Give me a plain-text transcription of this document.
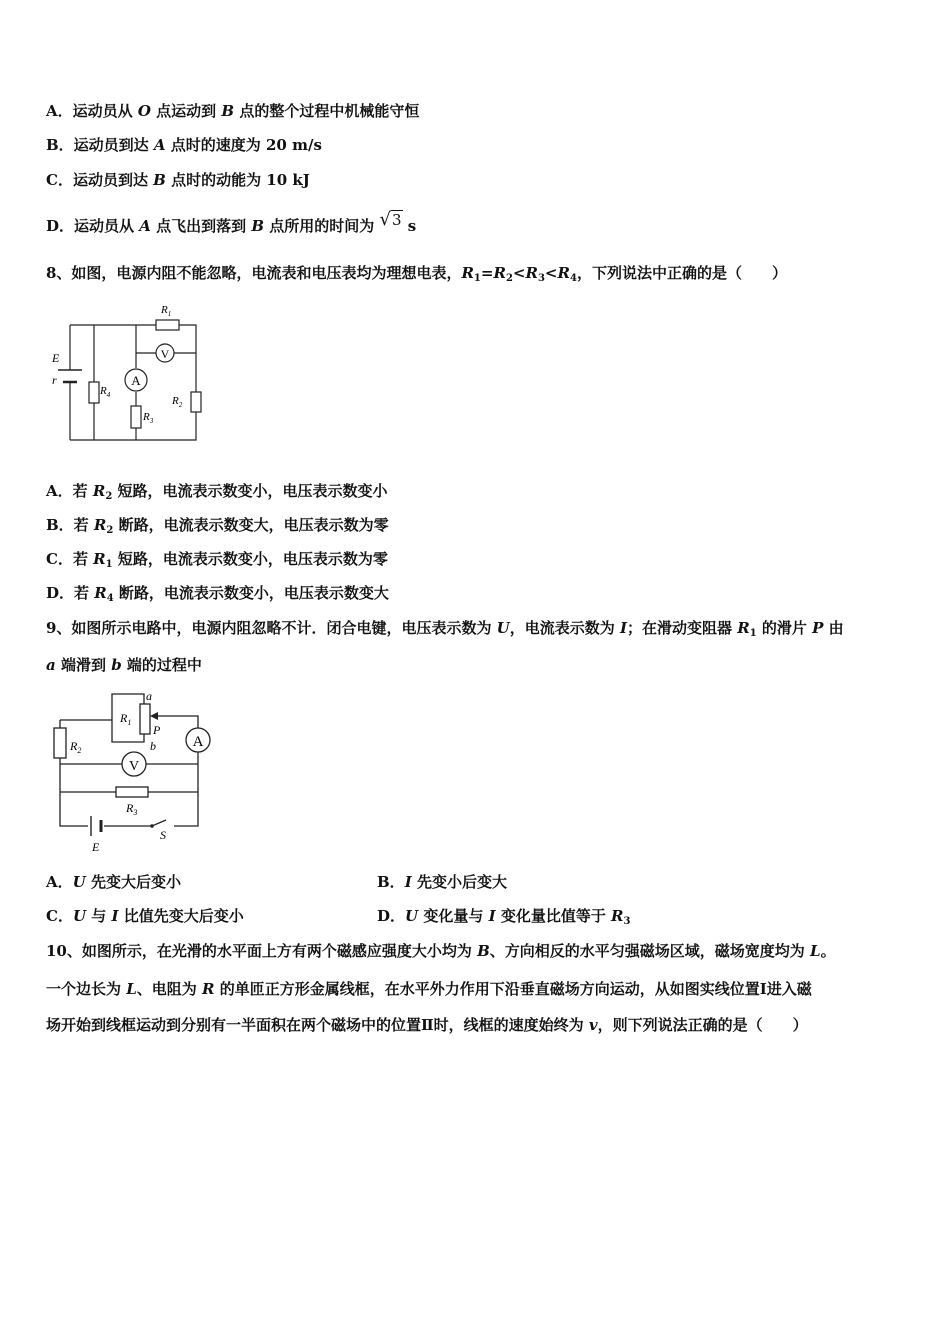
A．运动员从 O 点运动到 B 点的整个过程中机械能守恒
B．运动员到达 A 点时的速度为 20 m/s
C．运动员到达 B 点时的动能为 10 kJ
D．运动员从 A 点飞出到落到 B 点所用的时间为 √3 s
8、如图，电源内阻不能忽略，电流表和电压表均为理想电表，$R_1=R_2<R_3<R_4$，下列说法中正确的是（　　）
A
V
E
r
$R_1$
$R_2$
$R_3$
$R_4$
A．若 $R_2$ 短路，电流表示数变小，电压表示数变小
B．若 $R_2$ 断路，电流表示数变大，电压表示数为零
C．若 $R_1$ 短路，电流表示数变小，电压表示数为零
D．若 $R_4$ 断路，电流表示数变小，电压表示数变大
9、如图所示电路中，电源内阻忽略不计．闭合电键，电压表示数为 U，电流表示数为 I；在滑动变阻器 $R_1$ 的滑片 P 由
a 端滑到 b 端的过程中
A
V
a
b
P
$R_1$
$R_2$
$R_3$
E
S
A．U 先变大后变小	B．I 先变小后变大
C．U 与 I 比值先变大后变小	D．U 变化量与 I 变化量比值等于 $R_3$
10、如图所示，在光滑的水平面上方有两个磁感应强度大小均为 B、方向相反的水平匀强磁场区域，磁场宽度均为 L。
一个边长为 L、电阻为 R 的单匝正方形金属线框，在水平外力作用下沿垂直磁场方向运动，从如图实线位置Ⅰ进入磁
场开始到线框运动到分别有一半面积在两个磁场中的位置Ⅱ时，线框的速度始终为 v，则下列说法正确的是（　　）
